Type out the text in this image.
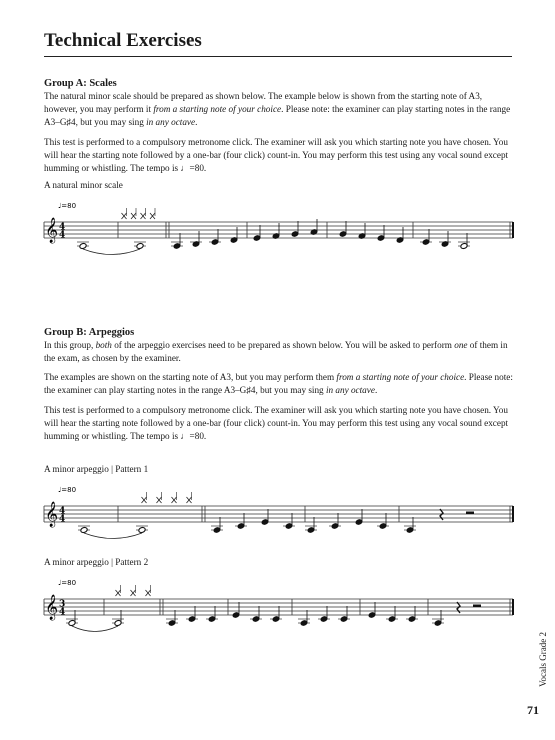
Technical Exercises
Group A: Scales

The natural minor scale should be prepared as shown below. The example below is shown from the starting note of A3, however, you may perform it from a starting note of your choice. Please note: the examiner can play starting notes in the range A3–G♯4, but you may sing in any octave.

This test is performed to a compulsory metronome click. The examiner will ask you which starting note you have chosen. You will hear the starting note followed by a one-bar (four click) count-in. You may perform this test using any vocal sound except humming or whistling. The tempo is ♩=80.

A natural minor scale

𝄞 4
4
♩=80
Group B: Arpeggios

In this group, both of the arpeggio exercises need to be prepared as shown below. You will be asked to perform one of them in the exam, as chosen by the examiner.

The examples are shown on the starting note of A3, but you may perform them from a starting note of your choice. Please note: the examiner can play starting notes in the range A3–G♯4, but you may sing in any octave.

This test is performed to a compulsory metronome click. The examiner will ask you which starting note you have chosen. You will hear the starting note followed by a one-bar (four click) count-in. You may perform this test using any vocal sound except humming or whistling. The tempo is ♩=80.

A minor arpeggio | Pattern 1

𝄞 4
4
♩=80

A minor arpeggio | Pattern 2

𝄞 3
4
♩=80
Vocals Grade 2
71
